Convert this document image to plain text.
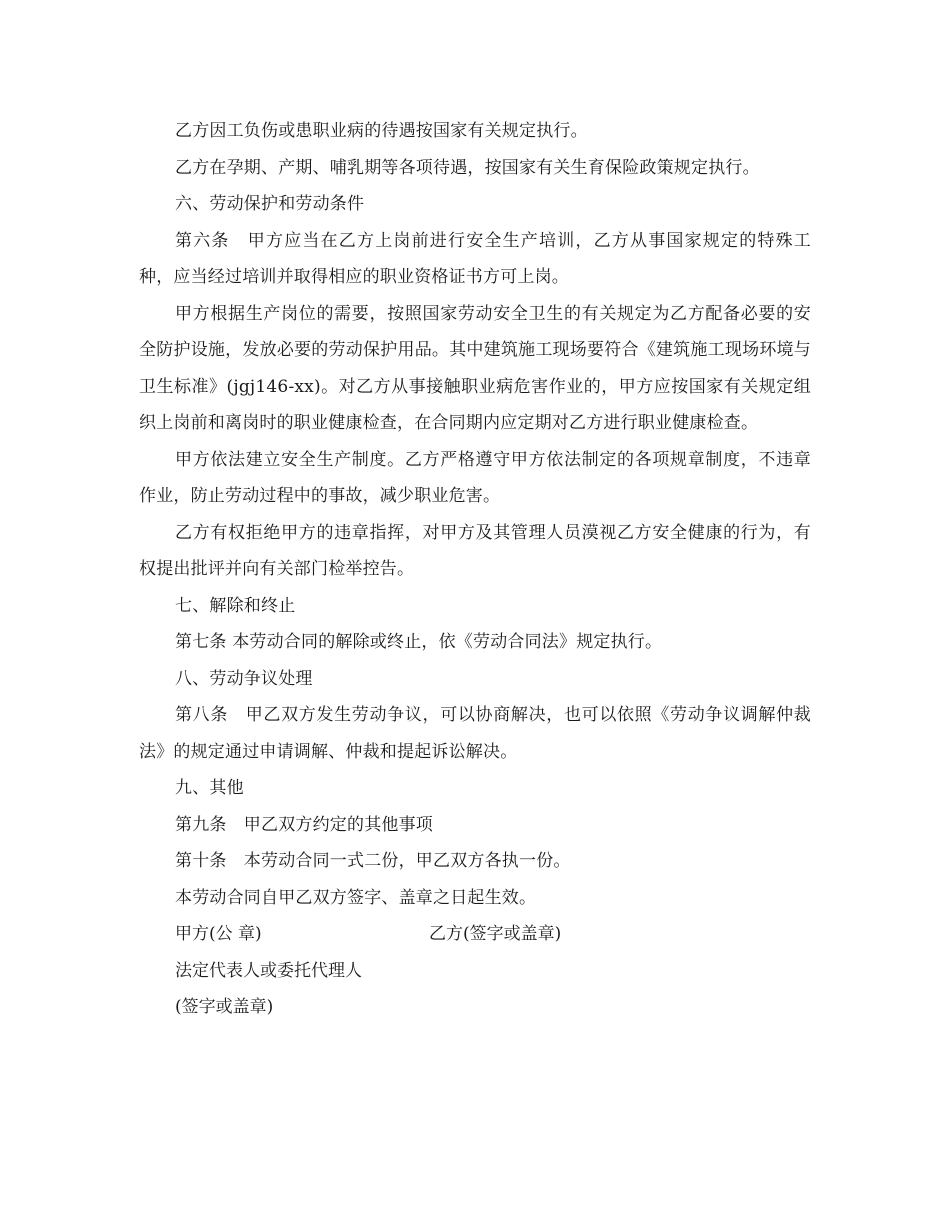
乙方因工负伤或患职业病的待遇按国家有关规定执行。

乙方在孕期、产期、哺乳期等各项待遇，按国家有关生育保险政策规定执行。

六、劳动保护和劳动条件

第六条　甲方应当在乙方上岗前进行安全生产培训，乙方从事国家规定的特殊工种，应当经过培训并取得相应的职业资格证书方可上岗。

甲方根据生产岗位的需要，按照国家劳动安全卫生的有关规定为乙方配备必要的安全防护设施，发放必要的劳动保护用品。其中建筑施工现场要符合《建筑施工现场环境与卫生标准》(jgj146-xx)。对乙方从事接触职业病危害作业的，甲方应按国家有关规定组织上岗前和离岗时的职业健康检查，在合同期内应定期对乙方进行职业健康检查。

甲方依法建立安全生产制度。乙方严格遵守甲方依法制定的各项规章制度，不违章作业，防止劳动过程中的事故，减少职业危害。

乙方有权拒绝甲方的违章指挥，对甲方及其管理人员漠视乙方安全健康的行为，有权提出批评并向有关部门检举控告。

七、解除和终止

第七条 本劳动合同的解除或终止，依《劳动合同法》规定执行。

八、劳动争议处理

第八条　甲乙双方发生劳动争议，可以协商解决，也可以依照《劳动争议调解仲裁法》的规定通过申请调解、仲裁和提起诉讼解决。

九、其他

第九条　甲乙双方约定的其他事项

第十条　本劳动合同一式二份，甲乙双方各执一份。

本劳动合同自甲乙双方签字、盖章之日起生效。

甲方(公 章)	乙方(签字或盖章)
法定代表人或委托代理人
(签字或盖章)
